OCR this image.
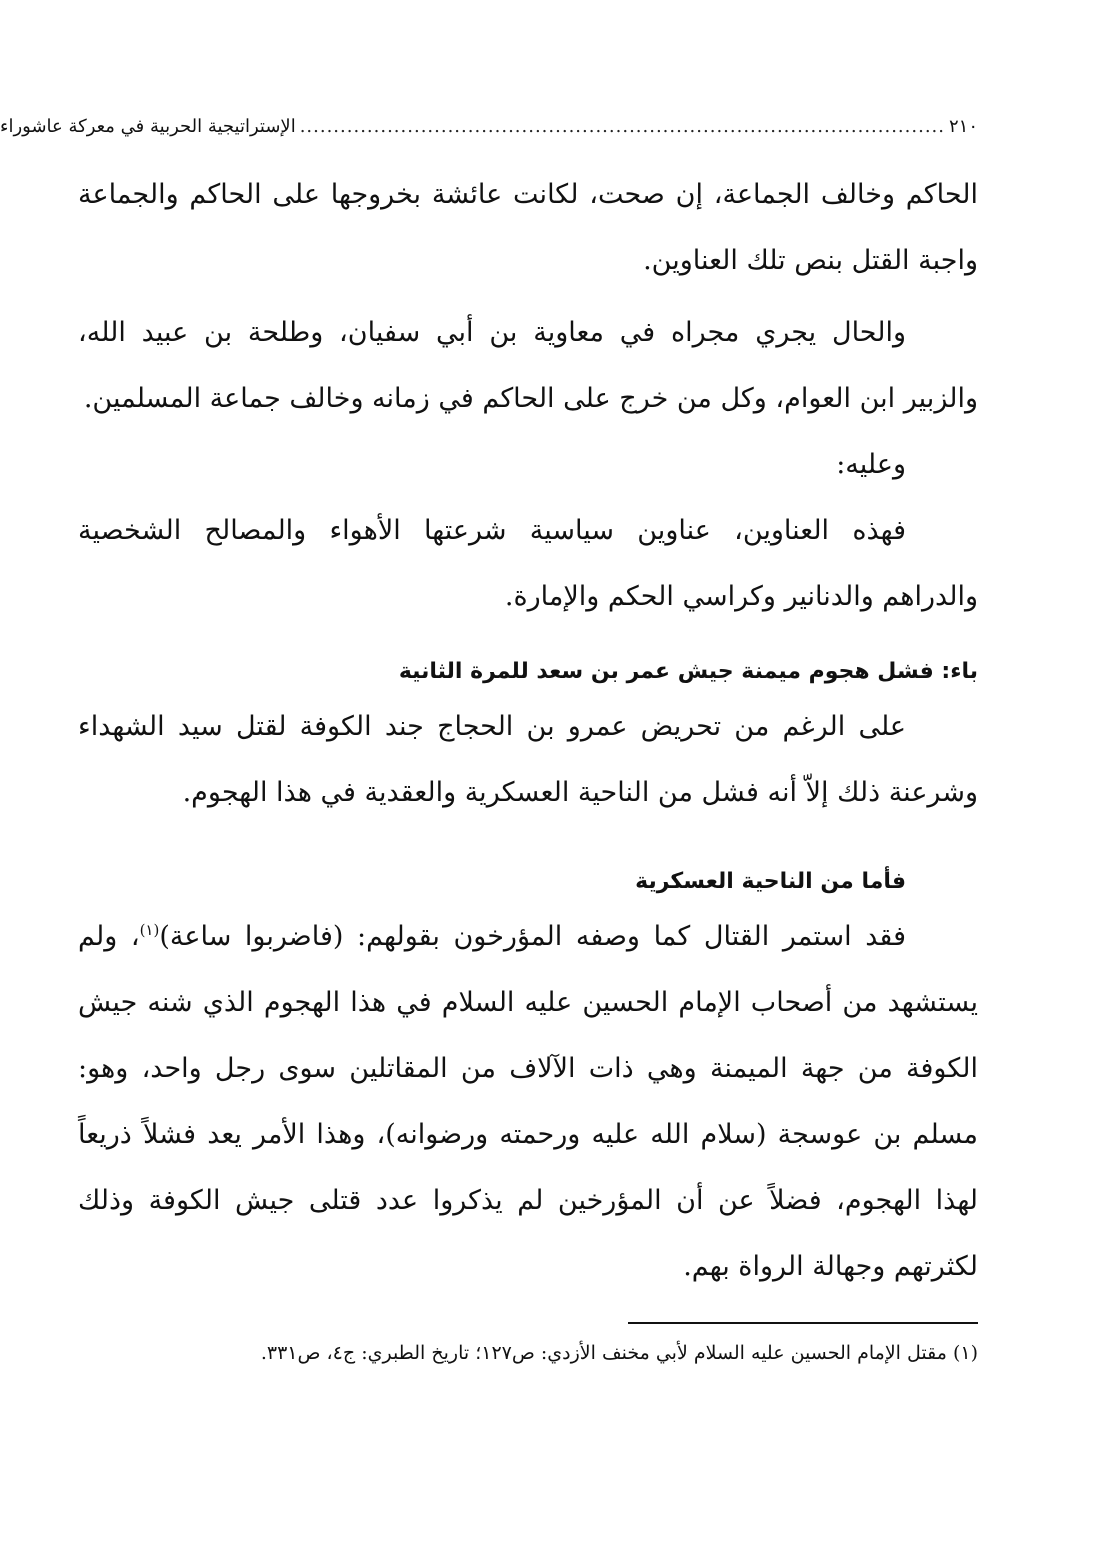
٢١٠
................................................................................................
الإستراتيجية الحربية في معركة عاشوراء

الحاكم وخالف الجماعة، إن صحت، لكانت عائشة بخروجها على الحاكم والجماعة واجبة القتل بنص تلك العناوين.

والحال يجري مجراه في معاوية بن أبي سفيان، وطلحة بن عبيد الله، والزبير ابن العوام، وكل من خرج على الحاكم في زمانه وخالف جماعة المسلمين.

وعليه:

فهذه العناوين، عناوين سياسية شرعتها الأهواء والمصالح الشخصية والدراهم والدنانير وكراسي الحكم والإمارة.

باء: فشل هجوم ميمنة جيش عمر بن سعد للمرة الثانية

على الرغم من تحريض عمرو بن الحجاج جند الكوفة لقتل سيد الشهداء وشرعنة ذلك إلاّ أنه فشل من الناحية العسكرية والعقدية في هذا الهجوم.

فأما من الناحية العسكرية

فقد استمر القتال كما وصفه المؤرخون بقولهم: (فاضربوا ساعة)$^{(١)}$، ولم يستشهد من أصحاب الإمام الحسين عليه السلام في هذا الهجوم الذي شنه جيش الكوفة من جهة الميمنة وهي ذات الآلاف من المقاتلين سوى رجل واحد، وهو: مسلم بن عوسجة (سلام الله عليه ورحمته ورضوانه)، وهذا الأمر يعد فشلاً ذريعاً لهذا الهجوم، فضلاً عن أن المؤرخين لم يذكروا عدد قتلى جيش الكوفة وذلك لكثرتهم وجهالة الرواة بهم.

(١) مقتل الإمام الحسين عليه السلام لأبي مخنف الأزدي: ص١٢٧؛ تاريخ الطبري: ج٤، ص٣٣١.
